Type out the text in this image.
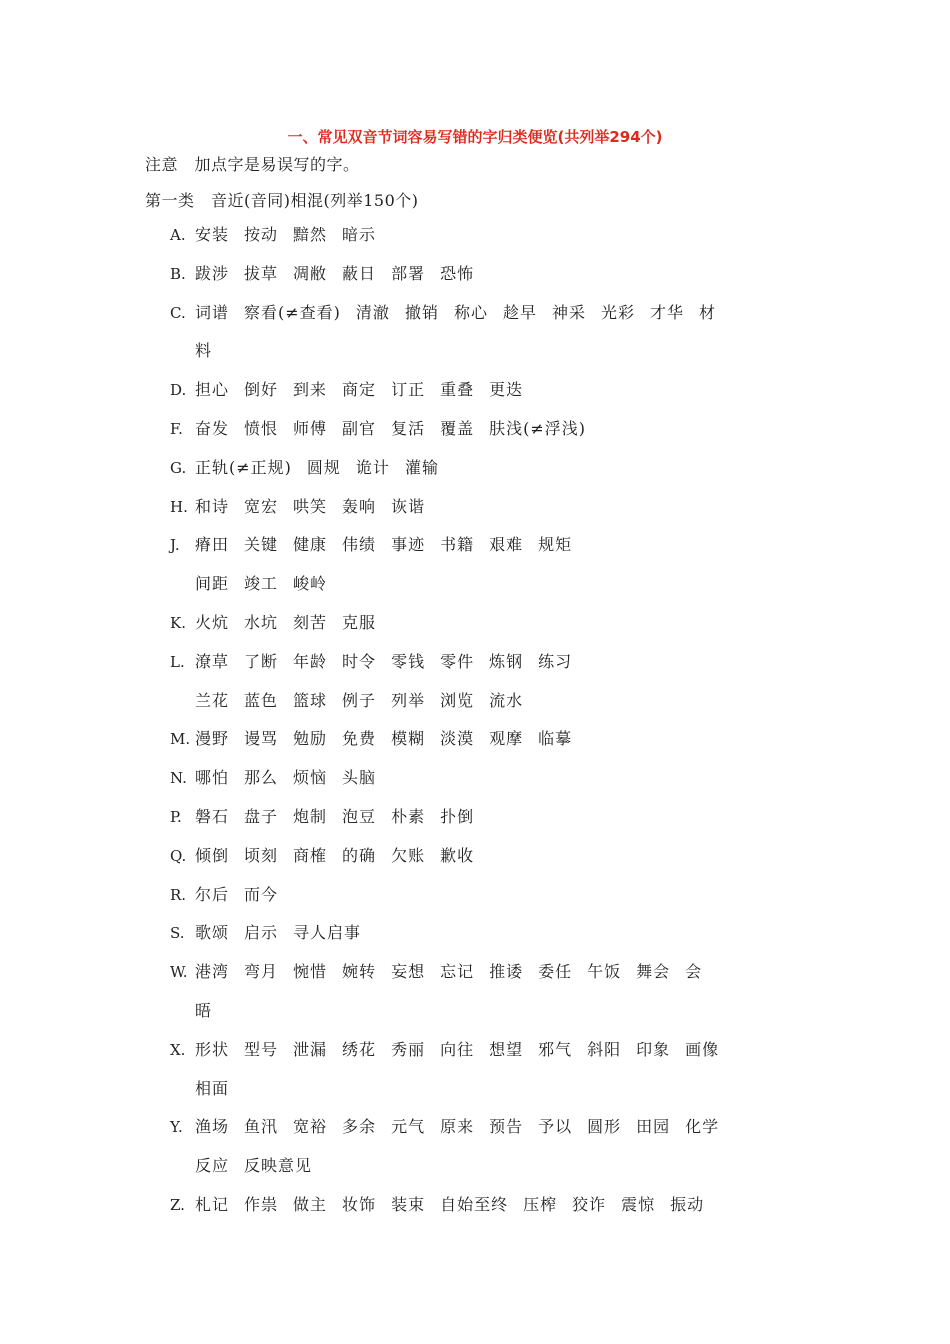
一、常见双音节词容易写错的字归类便览(共列举294个)
注意　加点字是易误写的字。
第一类　音近(音同)相混(列举150个)
A. 安装 按动 黯然 暗示
B. 跋涉 拔草 凋敝 蔽日 部署 恐怖
C. 词谱 察看(≠查看) 清澈 撤销 称心 趁早 神采 光彩 才华 材
料
D. 担心 倒好 到来 商定 订正 重叠 更迭
F. 奋发 愤恨 师傅 副官 复活 覆盖 肤浅(≠浮浅)
G. 正轨(≠正规) 圆规 诡计 灌输
H. 和诗 宽宏 哄笑 轰响 诙谐
J. 瘠田 关键 健康 伟绩 事迹 书籍 艰难 规矩
间距 竣工 峻岭
K. 火炕 水坑 刻苦 克服
L. 潦草 了断 年龄 时令 零钱 零件 炼钢 练习
兰花 蓝色 篮球 例子 列举 浏览 流水
M. 漫野 谩骂 勉励 免费 模糊 淡漠 观摩 临摹
N. 哪怕 那么 烦恼 头脑
P. 磐石 盘子 炮制 泡豆 朴素 扑倒
Q. 倾倒 顷刻 商榷 的确 欠账 歉收
R. 尔后 而今
S. 歌颂 启示 寻人启事
W. 港湾 弯月 惋惜 婉转 妄想 忘记 推诿 委任 午饭 舞会 会
晤
X. 形状 型号 泄漏 绣花 秀丽 向往 想望 邪气 斜阳 印象 画像
相面
Y. 渔场 鱼汛 宽裕 多余 元气 原来 预告 予以 圆形 田园 化学
反应 反映意见
Z. 札记 作祟 做主 妆饰 装束 自始至终 压榨 狡诈 震惊 振动
